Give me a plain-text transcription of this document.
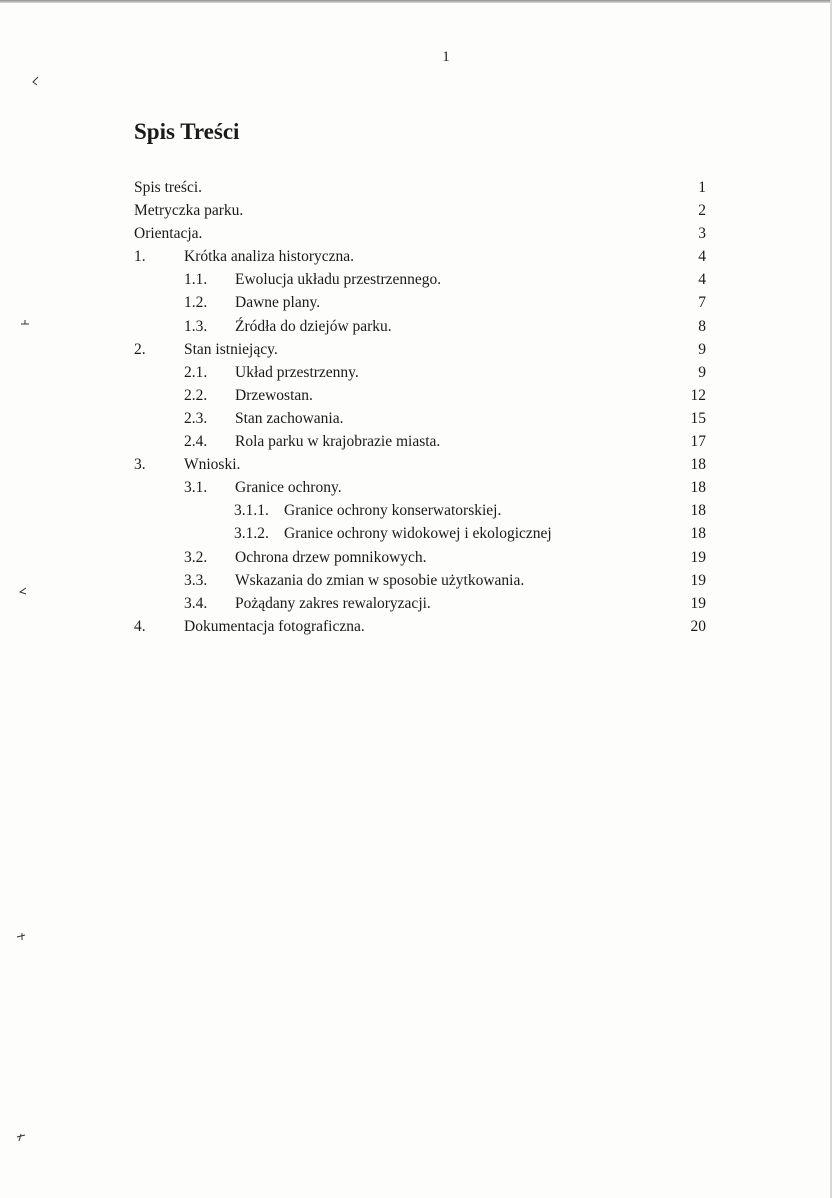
1
Spis Treści
Spis treści.	1
Metryczka parku.	2
Orientacja.	3
1. Krótka analiza historyczna.	4
1.1. Ewolucja układu przestrzennego.	4
1.2. Dawne plany.	7
1.3. Źródła do dziejów parku.	8
2. Stan istniejący.	9
2.1. Układ przestrzenny.	9
2.2. Drzewostan.	12
2.3. Stan zachowania.	15
2.4. Rola parku w krajobrazie miasta.	17
3. Wnioski.	18
3.1. Granice ochrony.	18
3.1.1. Granice ochrony konserwatorskiej.	18
3.1.2. Granice ochrony widokowej i ekologicznej	18
3.2. Ochrona drzew pomnikowych.	19
3.3. Wskazania do zmian w sposobie użytkowania.	19
3.4. Pożądany zakres rewaloryzacji.	19
4. Dokumentacja fotograficzna.	20
